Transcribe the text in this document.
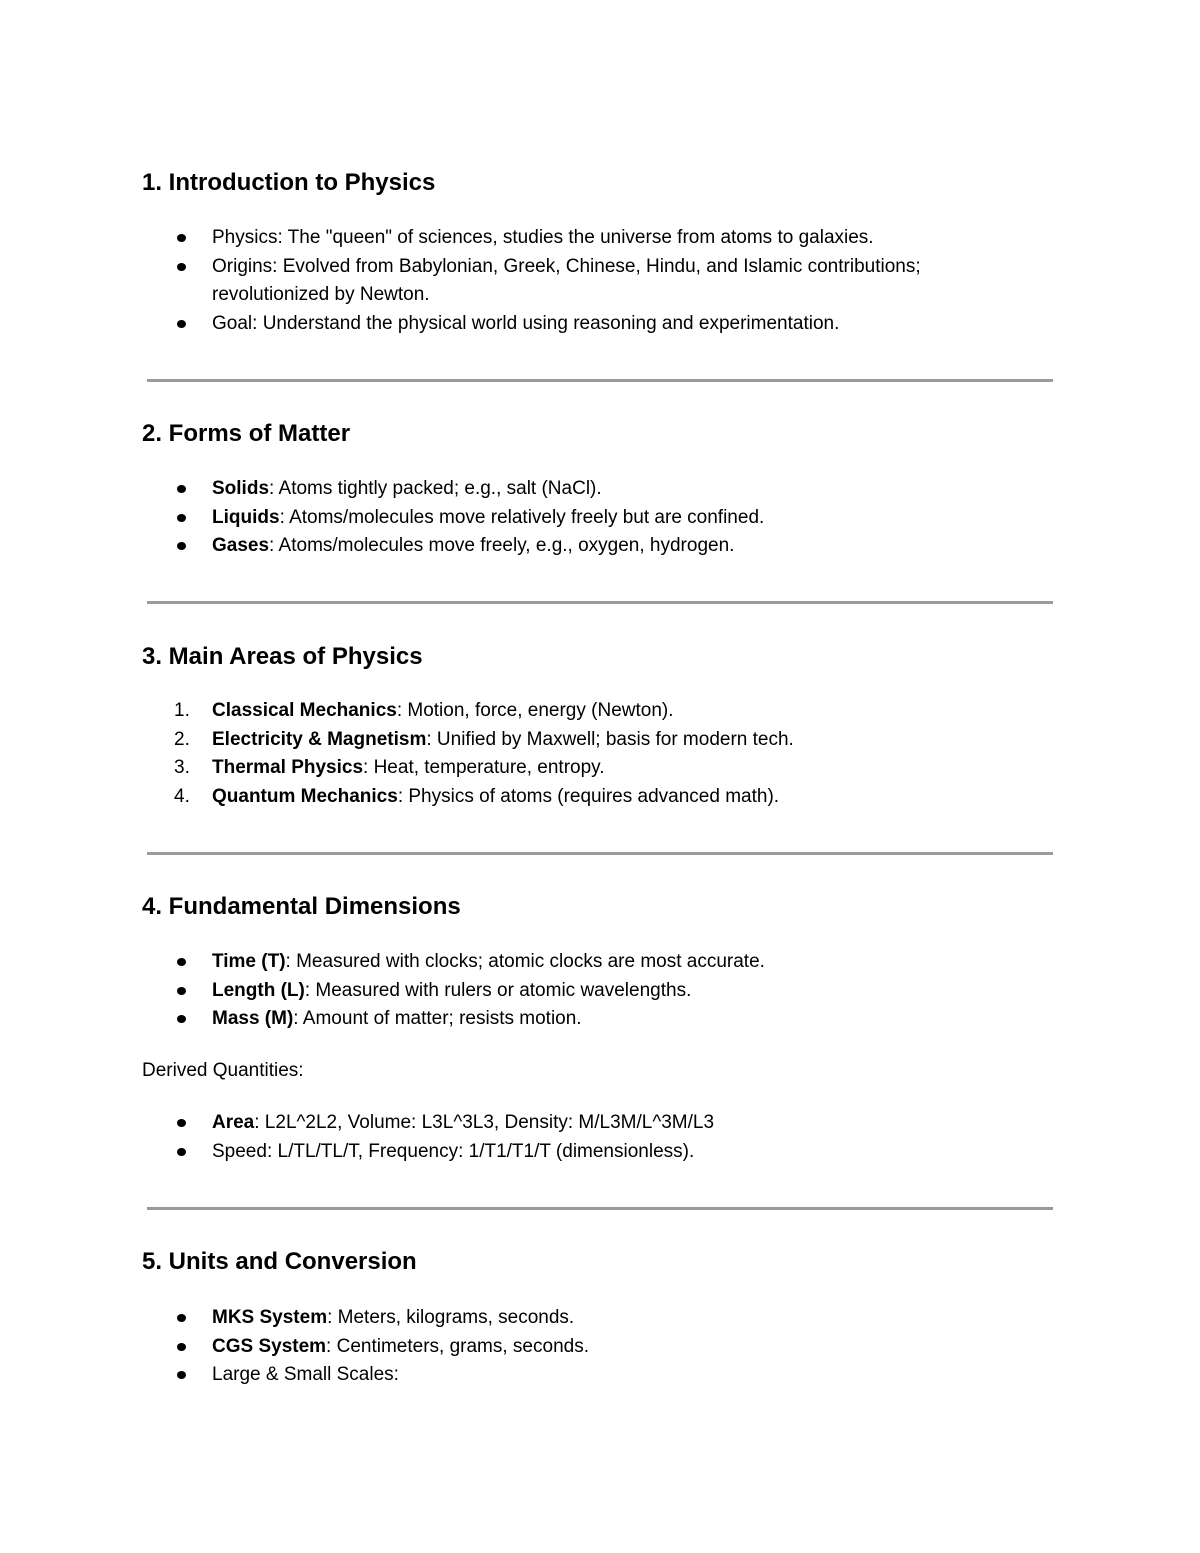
1. Introduction to Physics
Physics: The "queen" of sciences, studies the universe from atoms to galaxies.
Origins: Evolved from Babylonian, Greek, Chinese, Hindu, and Islamic contributions; revolutionized by Newton.
Goal: Understand the physical world using reasoning and experimentation.
2. Forms of Matter
Solids: Atoms tightly packed; e.g., salt (NaCl).
Liquids: Atoms/molecules move relatively freely but are confined.
Gases: Atoms/molecules move freely, e.g., oxygen, hydrogen.
3. Main Areas of Physics
1.	Classical Mechanics: Motion, force, energy (Newton).
2.	Electricity & Magnetism: Unified by Maxwell; basis for modern tech.
3.	Thermal Physics: Heat, temperature, entropy.
4.	Quantum Mechanics: Physics of atoms (requires advanced math).
4. Fundamental Dimensions
Time (T): Measured with clocks; atomic clocks are most accurate.
Length (L): Measured with rulers or atomic wavelengths.
Mass (M): Amount of matter; resists motion.

Derived Quantities:

Area: L2L^2L2, Volume: L3L^3L3, Density: M/L3M/L^3M/L3
Speed: L/TL/TL/T, Frequency: 1/T1/T1/T (dimensionless).
5. Units and Conversion
MKS System: Meters, kilograms, seconds.
CGS System: Centimeters, grams, seconds.
Large & Small Scales:
